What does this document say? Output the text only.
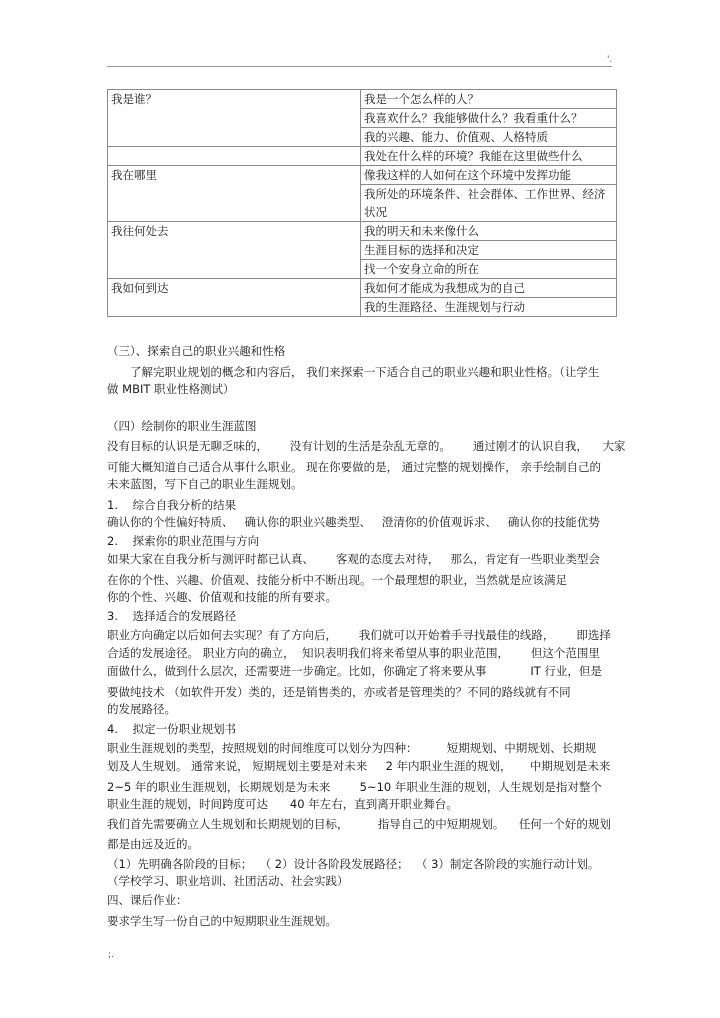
'.
我是谁？	我是一个怎么样的人？
	我喜欢什么？我能够做什么？我看重什么？
	我的兴趣、能力、价值观、人格特质
	我处在什么样的环境？我能在这里做些什么
我在哪里	像我这样的人如何在这个环境中发挥功能
	我所处的环境条件、社会群体、工作世界、经济状况
我往何处去	我的明天和未来像什么
	生涯目标的选择和决定
	找一个安身立命的所在
我如何到达	我如何才能成为我想成为的自己
	我的生涯路径、生涯规划与行动
（三）、探索自己的职业兴趣和性格
了解完职业规划的概念和内容后， 我们来探索一下适合自己的职业兴趣和职业性格。（让学生
做 MBIT 职业性格测试）
（四）绘制你的职业生涯蓝图
没有目标的认识是无聊乏味的，      没有计划的生活是杂乱无章的。      通过刚才的认识自我，    大家
可能大概知道自己适合从事什么职业。 现在你要做的是， 通过完整的规划操作， 亲手绘制自己的
未来蓝图，写下自己的职业生涯规划。
1.    综合自我分析的结果
确认你的个性偏好特质、   确认你的职业兴趣类型、   澄清你的价值观诉求、   确认你的技能优势
2.    探索你的职业范围与方向
如果大家在自我分析与测评时都已认真、      客观的态度去对待，   那么，肯定有一些职业类型会
在你的个性、兴趣、价值观、技能分析中不断出现。一个最理想的职业，当然就是应该满足
你的个性、兴趣、价值观和技能的所有要求。
3.    选择适合的发展路径
职业方向确定以后如何去实现？有了方向后，      我们就可以开始着手寻找最佳的线路，      即选择
合适的发展途径。 职业方向的确立，  知识表明我们将来希望从事的职业范围，      但这个范围里
面做什么，做到什么层次，还需要进一步确定。比如，你确定了将来要从事            IT 行业，但是
要做纯技术 （如软件开发）类的，还是销售类的，亦或者是管理类的？不同的路线就有不同
的发展路径。
4.    拟定一份职业规划书
职业生涯规划的类型，按照规划的时间维度可以划分为四种：        短期规划、中期规划、长期规
划及人生规划。 通常来说， 短期规划主要是对未来     2 年内职业生涯的规划，     中期规划是未来
2~5 年的职业生涯规划，长期规划是为未来        5~10 年职业生涯的规划，人生规划是指对整个
职业生涯的规划，时间跨度可达      40 年左右，直到离开职业舞台。
我们首先需要确立人生规划和长期规划的目标，        指导自己的中短期规划。    任何一个好的规划
都是由远及近的。
（1）先明确各阶段的目标；  （ 2）设计各阶段发展路径；  （ 3）制定各阶段的实施行动计划。
（学校学习、职业培训、社团活动、社会实践）
四、课后作业：
要求学生写一份自己的中短期职业生涯规划。
;.
